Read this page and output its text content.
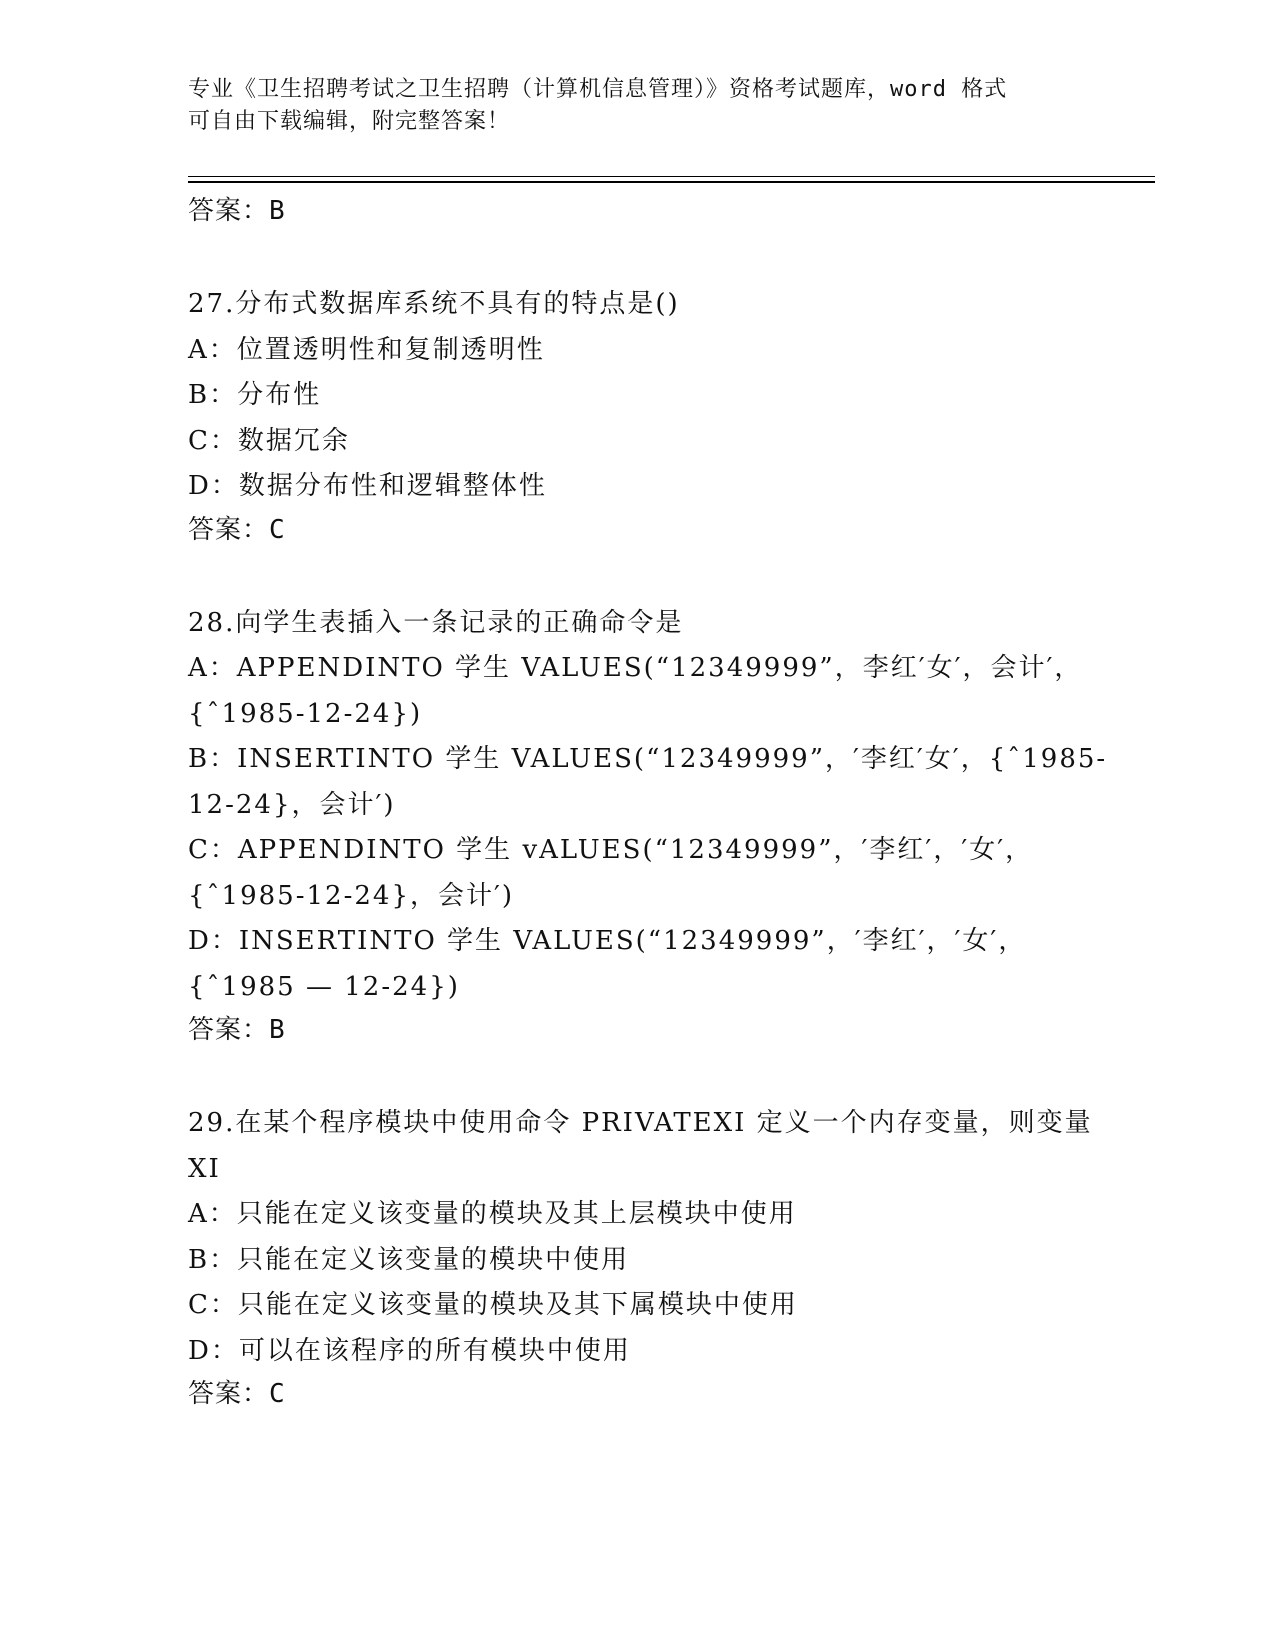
专业《卫生招聘考试之卫生招聘（计算机信息管理）》资格考试题库，word 格式
可自由下载编辑，附完整答案！
答案：B
27.分布式数据库系统不具有的特点是()
A：位置透明性和复制透明性
B：分布性
C：数据冗余
D：数据分布性和逻辑整体性
答案：C
28.向学生表插入一条记录的正确命令是
A：APPENDINTO 学生 VALUES(“12349999”，李红′女′，会计′，
{ˆ1985-12-24})
B：INSERTINTO 学生 VALUES(“12349999”，′李红′女′，{ˆ1985-
12-24}，会计′)
C：APPENDINTO 学生 vALUES(“12349999”，′李红′，′女′，
{ˆ1985-12-24}，会计′)
D：INSERTINTO 学生 VALUES(“12349999”，′李红′，′女′，
{ˆ1985 — 12-24})
答案：B
29.在某个程序模块中使用命令 PRIVATEXI 定义一个内存变量，则变量
XI
A：只能在定义该变量的模块及其上层模块中使用
B：只能在定义该变量的模块中使用
C：只能在定义该变量的模块及其下属模块中使用
D：可以在该程序的所有模块中使用
答案：C
